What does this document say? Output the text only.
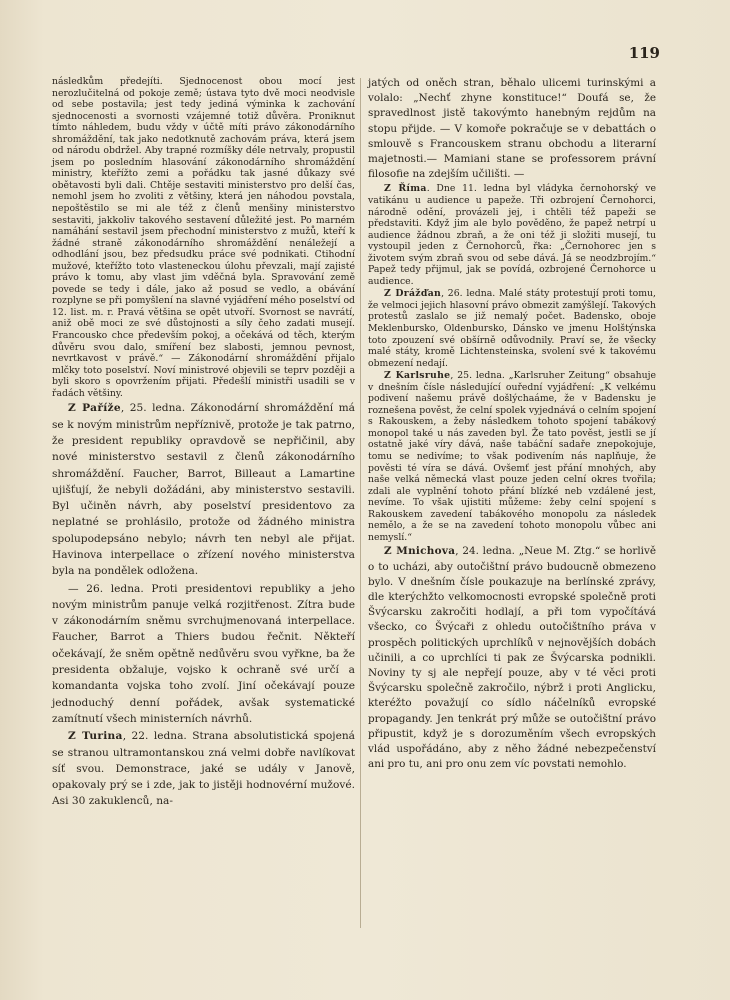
119

následkům předejíti. Sjednocenost obou mocí jest nerozlučitelná od pokoje země; ústava tyto dvě moci neodvisle od sebe postavila; jest tedy jediná výminka k zachování sjednocenosti a svornosti vzájemné totiž důvěra. Proniknut tímto náhledem, budu vždy v účtě míti právo zákonodárního shromáždění, tak jako nedotknutě zachovám práva, která jsem od národu obdržel. Aby trapné rozmíšky déle netrvaly, propustil jsem po posledním hlasování zákonodárního shromáždění ministry, kteřížto zemi a pořádku tak jasné důkazy své obětavosti byli dali. Chtěje sestaviti ministerstvo pro delší čas, nemohl jsem ho zvoliti z většiny, která jen náhodou povstala, nepoštěstilo se mi ale též z členů menšiny ministerstvo sestaviti, jakkoliv takového sestavení důležité jest. Po marném namáhání sestavil jsem přechodní ministerstvo z mužů, kteří k žádné straně zákonodárního shromáždění nenáležejí a odhodlání jsou, bez předsudku práce své podnikati. Ctihodní mužové, kteřížto toto vlasteneckou úlohu převzali, mají zajisté právo k tomu, aby vlast jim vděčná byla. Spravování země povede se tedy i dále, jako až posud se vedlo, a obávání rozplyne se při pomyšlení na slavné vyjádření mého poselství od 12. list. m. r. Pravá většina se opět utvoří. Svornost se navrátí, aniž obě moci ze své důstojnosti a síly čeho zadati musejí. Francousko chce především pokoj, a očekává od těch, kterým důvěru svou dalo, smíření bez slabosti, jemnou pevnost, nevrtkavost v právě.“ — Zákonodární shromáždění přijalo mlčky toto poselství. Noví ministrové objevili se teprv později a byli skoro s opovržením přijati. Předešlí ministři usadili se v řadách většiny.

Z Paříže, 25. ledna. Zákonodární shromáždění má se k novým ministrům nepříznivě, protože je tak patrno, že president republiky opravdově se nepřičinil, aby nové ministerstvo sestavil z členů zákonodárního shromáždění. Faucher, Barrot, Billeaut a Lamartine ujišťují, že nebyli dožádáni, aby ministerstvo sestavili. Byl učiněn návrh, aby poselství presidentovo za neplatné se prohlásilo, protože od žádného ministra spolupodepsáno nebylo; návrh ten nebyl ale přijat. Havinova interpellace o zřízení nového ministerstva byla na pondělek odložena.

— 26. ledna. Proti presidentovi republiky a jeho novým ministrům panuje velká rozjitřenost. Zítra bude v zákonodárním sněmu svrchujmenovaná interpellace. Faucher, Barrot a Thiers budou řečnit. Někteří očekávají, že sněm opětně nedůvěru svou vyřkne, ba že presidenta obžaluje, vojsko k ochraně své určí a komandanta vojska toho zvolí. Jiní očekávají pouze jednoduchý denní pořádek, avšak systematické zamítnutí všech ministerních návrhů.

Z Turina, 22. ledna. Strana absolutistická spojená se stranou ultramontanskou zná velmi dobře navlíkovat síť svou. Demonstrace, jaké se udály v Janově, opakovaly prý se i zde, jak to jistěji hodnovérní mužové. Asi 30 zakuklenců, na-

jatých od oněch stran, běhalo ulicemi turinskými a volalo: „Nechť zhyne konstituce!“ Doufá se, že spravedlnost jistě takovýmto hanebným rejdům na stopu přijde. — V komoře pokračuje se v debattách o smlouvě s Francouskem stranu obchodu a literarní majetnosti.— Mamiani stane se professorem právní filosofie na zdejším učilišti. —

Z Říma. Dne 11. ledna byl vládyka černohorský ve vatikánu u audience u papeže. Tři ozbrojení Černohorci, národně odění, provázeli jej, i chtěli též papeži se představiti. Když jim ale bylo pověděno, že papež netrpí u audience žádnou zbraň, a že oni též ji složiti musejí, tu vystoupil jeden z Černohorců, řka: „Černohorec jen s životem svým zbraň svou od sebe dává. Já se neodzbrojím.“ Papež tedy přijmul, jak se povídá, ozbrojené Černohorce u audience.

Z Drážďan, 26. ledna. Malé státy protestují proti tomu, že velmoci jejich hlasovní právo obmezit zamýšlejí. Takových protestů zaslalo se již nemalý počet. Badensko, oboje Meklenbursko, Oldenbursko, Dánsko ve jmenu Holštýnska toto zpouzení své obšírně odůvodnily. Praví se, že všecky malé státy, kromě Lichtensteinska, svolení své k takovému obmezení nedají.

Z Karlsruhe, 25. ledna. „Karlsruher Zeitung“ obsahuje v dnešním čísle následující ouřední vyjádření: „K velkému podivení našemu právě došlýchaáme, že v Badensku je roznešena pověst, že celní spolek vyjednává o celním spojení s Rakouskem, a žeby následkem tohoto spojení tabákový monopol také u nás zaveden byl. Že tato pověst, jestli se jí ostatně jaké víry dává, naše tabáční sadaře znepokojuje, tomu se nedivíme; to však podivením nás naplňuje, že pověsti té víra se dává. Ovšemť jest přání mnohých, aby naše velká německá vlast pouze jeden celní okres tvořila; zdali ale vyplnění tohoto přání blízké neb vzdálené jest, nevíme. To však ujistiti můžeme: žeby celní spojení s Rakouskem zavedení tabákového monopolu za následek nemělo, a že se na zavedení tohoto monopolu vůbec ani nemyslí.“

Z Mnichova, 24. ledna. „Neue M. Ztg.“ se horlivě o to ucházi, aby outočištní právo budoucně obmezeno bylo. V dnešním čísle poukazuje na berlínské zprávy, dle kterýchžto velkomocnosti evropské společně proti Švýcarsku zakročiti hodlají, a při tom vypočítává všecko, co Švýcaři z ohledu outočištního práva v prospěch politických uprchlíků v nejnovějších dobách učinili, a co uprchlíci ti pak ze Švýcarska podnikli. Noviny ty sj ale nepřejí pouze, aby v té věci proti Švýcarsku společně zakročilo, nýbrž i proti Anglicku, kteréžto považují co sídlo náčelníků evropské propagandy. Jen tenkrát prý může se outočištní právo připustit, když je s dorozuměním všech evropských vlád uspořádáno, aby z něho žádné nebezpečenství ani pro tu, ani pro onu zem víc povstati nemohlo.
